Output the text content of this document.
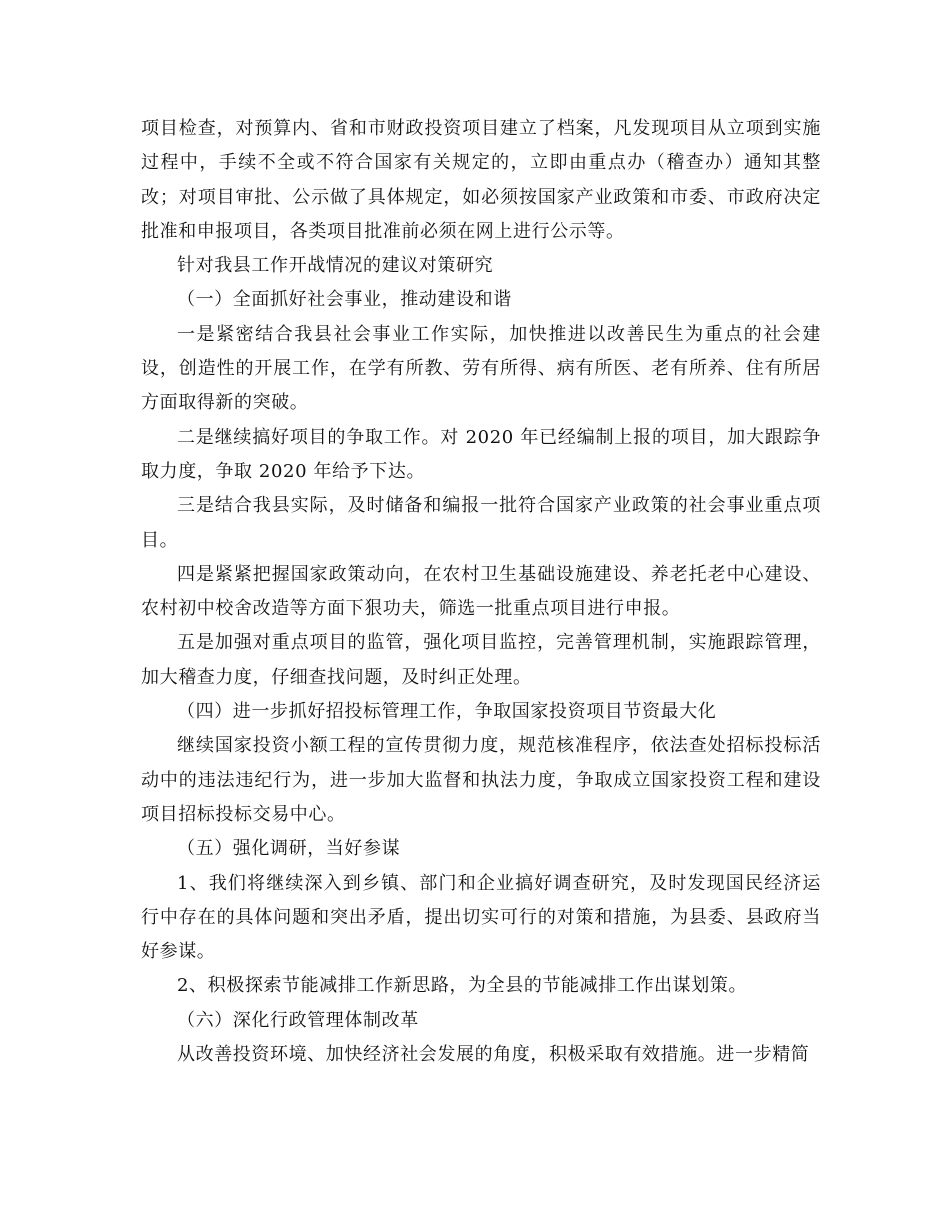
项目检查，对预算内、省和市财政投资项目建立了档案，凡发现项目从立项到实施过程中，手续不全或不符合国家有关规定的，立即由重点办（稽查办）通知其整改；对项目审批、公示做了具体规定，如必须按国家产业政策和市委、市政府决定批准和申报项目，各类项目批准前必须在网上进行公示等。

针对我县工作开战情况的建议对策研究

（一）全面抓好社会事业，推动建设和谐

一是紧密结合我县社会事业工作实际，加快推进以改善民生为重点的社会建设，创造性的开展工作，在学有所教、劳有所得、病有所医、老有所养、住有所居方面取得新的突破。

二是继续搞好项目的争取工作。对 2020 年已经编制上报的项目，加大跟踪争取力度，争取 2020 年给予下达。

三是结合我县实际，及时储备和编报一批符合国家产业政策的社会事业重点项目。

四是紧紧把握国家政策动向，在农村卫生基础设施建设、养老托老中心建设、农村初中校舍改造等方面下狠功夫，筛选一批重点项目进行申报。

五是加强对重点项目的监管，强化项目监控，完善管理机制，实施跟踪管理，加大稽查力度，仔细查找问题，及时纠正处理。

（四）进一步抓好招投标管理工作，争取国家投资项目节资最大化

继续国家投资小额工程的宣传贯彻力度，规范核准程序，依法查处招标投标活动中的违法违纪行为，进一步加大监督和执法力度，争取成立国家投资工程和建设项目招标投标交易中心。

（五）强化调研，当好参谋

1、我们将继续深入到乡镇、部门和企业搞好调查研究，及时发现国民经济运行中存在的具体问题和突出矛盾，提出切实可行的对策和措施，为县委、县政府当好参谋。

2、积极探索节能减排工作新思路，为全县的节能减排工作出谋划策。

（六）深化行政管理体制改革

从改善投资环境、加快经济社会发展的角度，积极采取有效措施。进一步精简
